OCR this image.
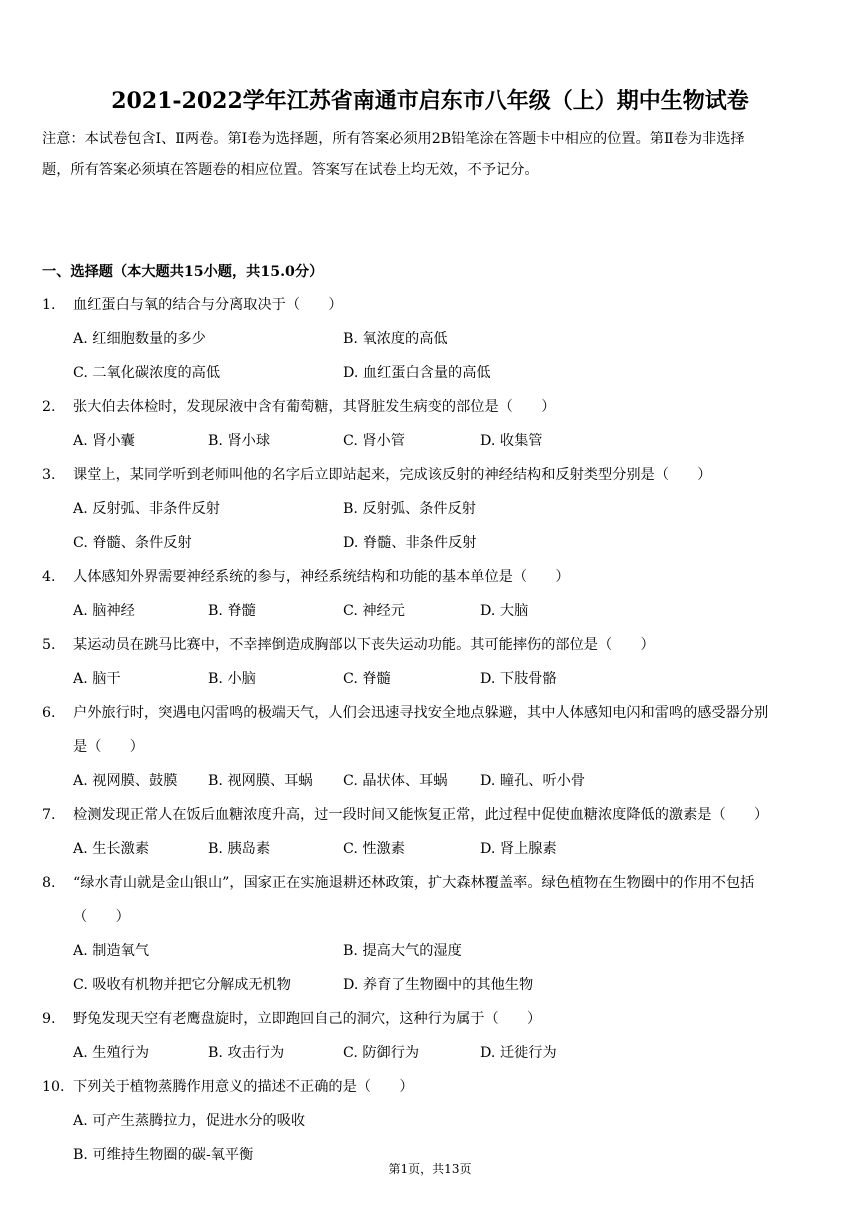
2021-2022学年江苏省南通市启东市八年级（上）期中生物试卷
注意：本试卷包含Ⅰ、Ⅱ两卷。第Ⅰ卷为选择题，所有答案必须用2B铅笔涂在答题卡中相应的位置。第Ⅱ卷为非选择
题，所有答案必须填在答题卷的相应位置。答案写在试卷上均无效，不予记分。
一、选择题（本大题共15小题，共15.0分）
1.	血红蛋白与氧的结合与分离取决于（　　）
A. 红细胞数量的多少	B. 氧浓度的高低
C. 二氧化碳浓度的高低	D. 血红蛋白含量的高低
2.	张大伯去体检时，发现尿液中含有葡萄糖，其肾脏发生病变的部位是（　　）
A. 肾小囊	B. 肾小球	C. 肾小管	D. 收集管
3.	课堂上，某同学听到老师叫他的名字后立即站起来，完成该反射的神经结构和反射类型分别是（　　）
A. 反射弧、非条件反射	B. 反射弧、条件反射
C. 脊髓、条件反射	D. 脊髓、非条件反射
4.	人体感知外界需要神经系统的参与，神经系统结构和功能的基本单位是（　　）
A. 脑神经	B. 脊髓	C. 神经元	D. 大脑
5.	某运动员在跳马比赛中，不幸摔倒造成胸部以下丧失运动功能。其可能摔伤的部位是（　　）
A. 脑干	B. 小脑	C. 脊髓	D. 下肢骨骼
6.	户外旅行时，突遇电闪雷鸣的极端天气，人们会迅速寻找安全地点躲避，其中人体感知电闪和雷鸣的感受器分别
是（　　）
A. 视网膜、鼓膜 B. 视网膜、耳蜗 C. 晶状体、耳蜗 D. 瞳孔、听小骨
7.	检测发现正常人在饭后血糖浓度升高，过一段时间又能恢复正常，此过程中促使血糖浓度降低的激素是（　　）
A. 生长激素	B. 胰岛素	C. 性激素	D. 肾上腺素
8.	“绿水青山就是金山银山”，国家正在实施退耕还林政策，扩大森林覆盖率。绿色植物在生物圈中的作用不包括
（　　）
A. 制造氧气	B. 提高大气的湿度
C. 吸收有机物并把它分解成无机物	D. 养育了生物圈中的其他生物
9.	野兔发现天空有老鹰盘旋时，立即跑回自己的洞穴，这种行为属于（　　）
A. 生殖行为	B. 攻击行为	C. 防御行为	D. 迁徙行为
10. 下列关于植物蒸腾作用意义的描述不正确的是（　　）
A. 可产生蒸腾拉力，促进水分的吸收
B. 可维持生物圈的碳-氧平衡
第1页，共13页
